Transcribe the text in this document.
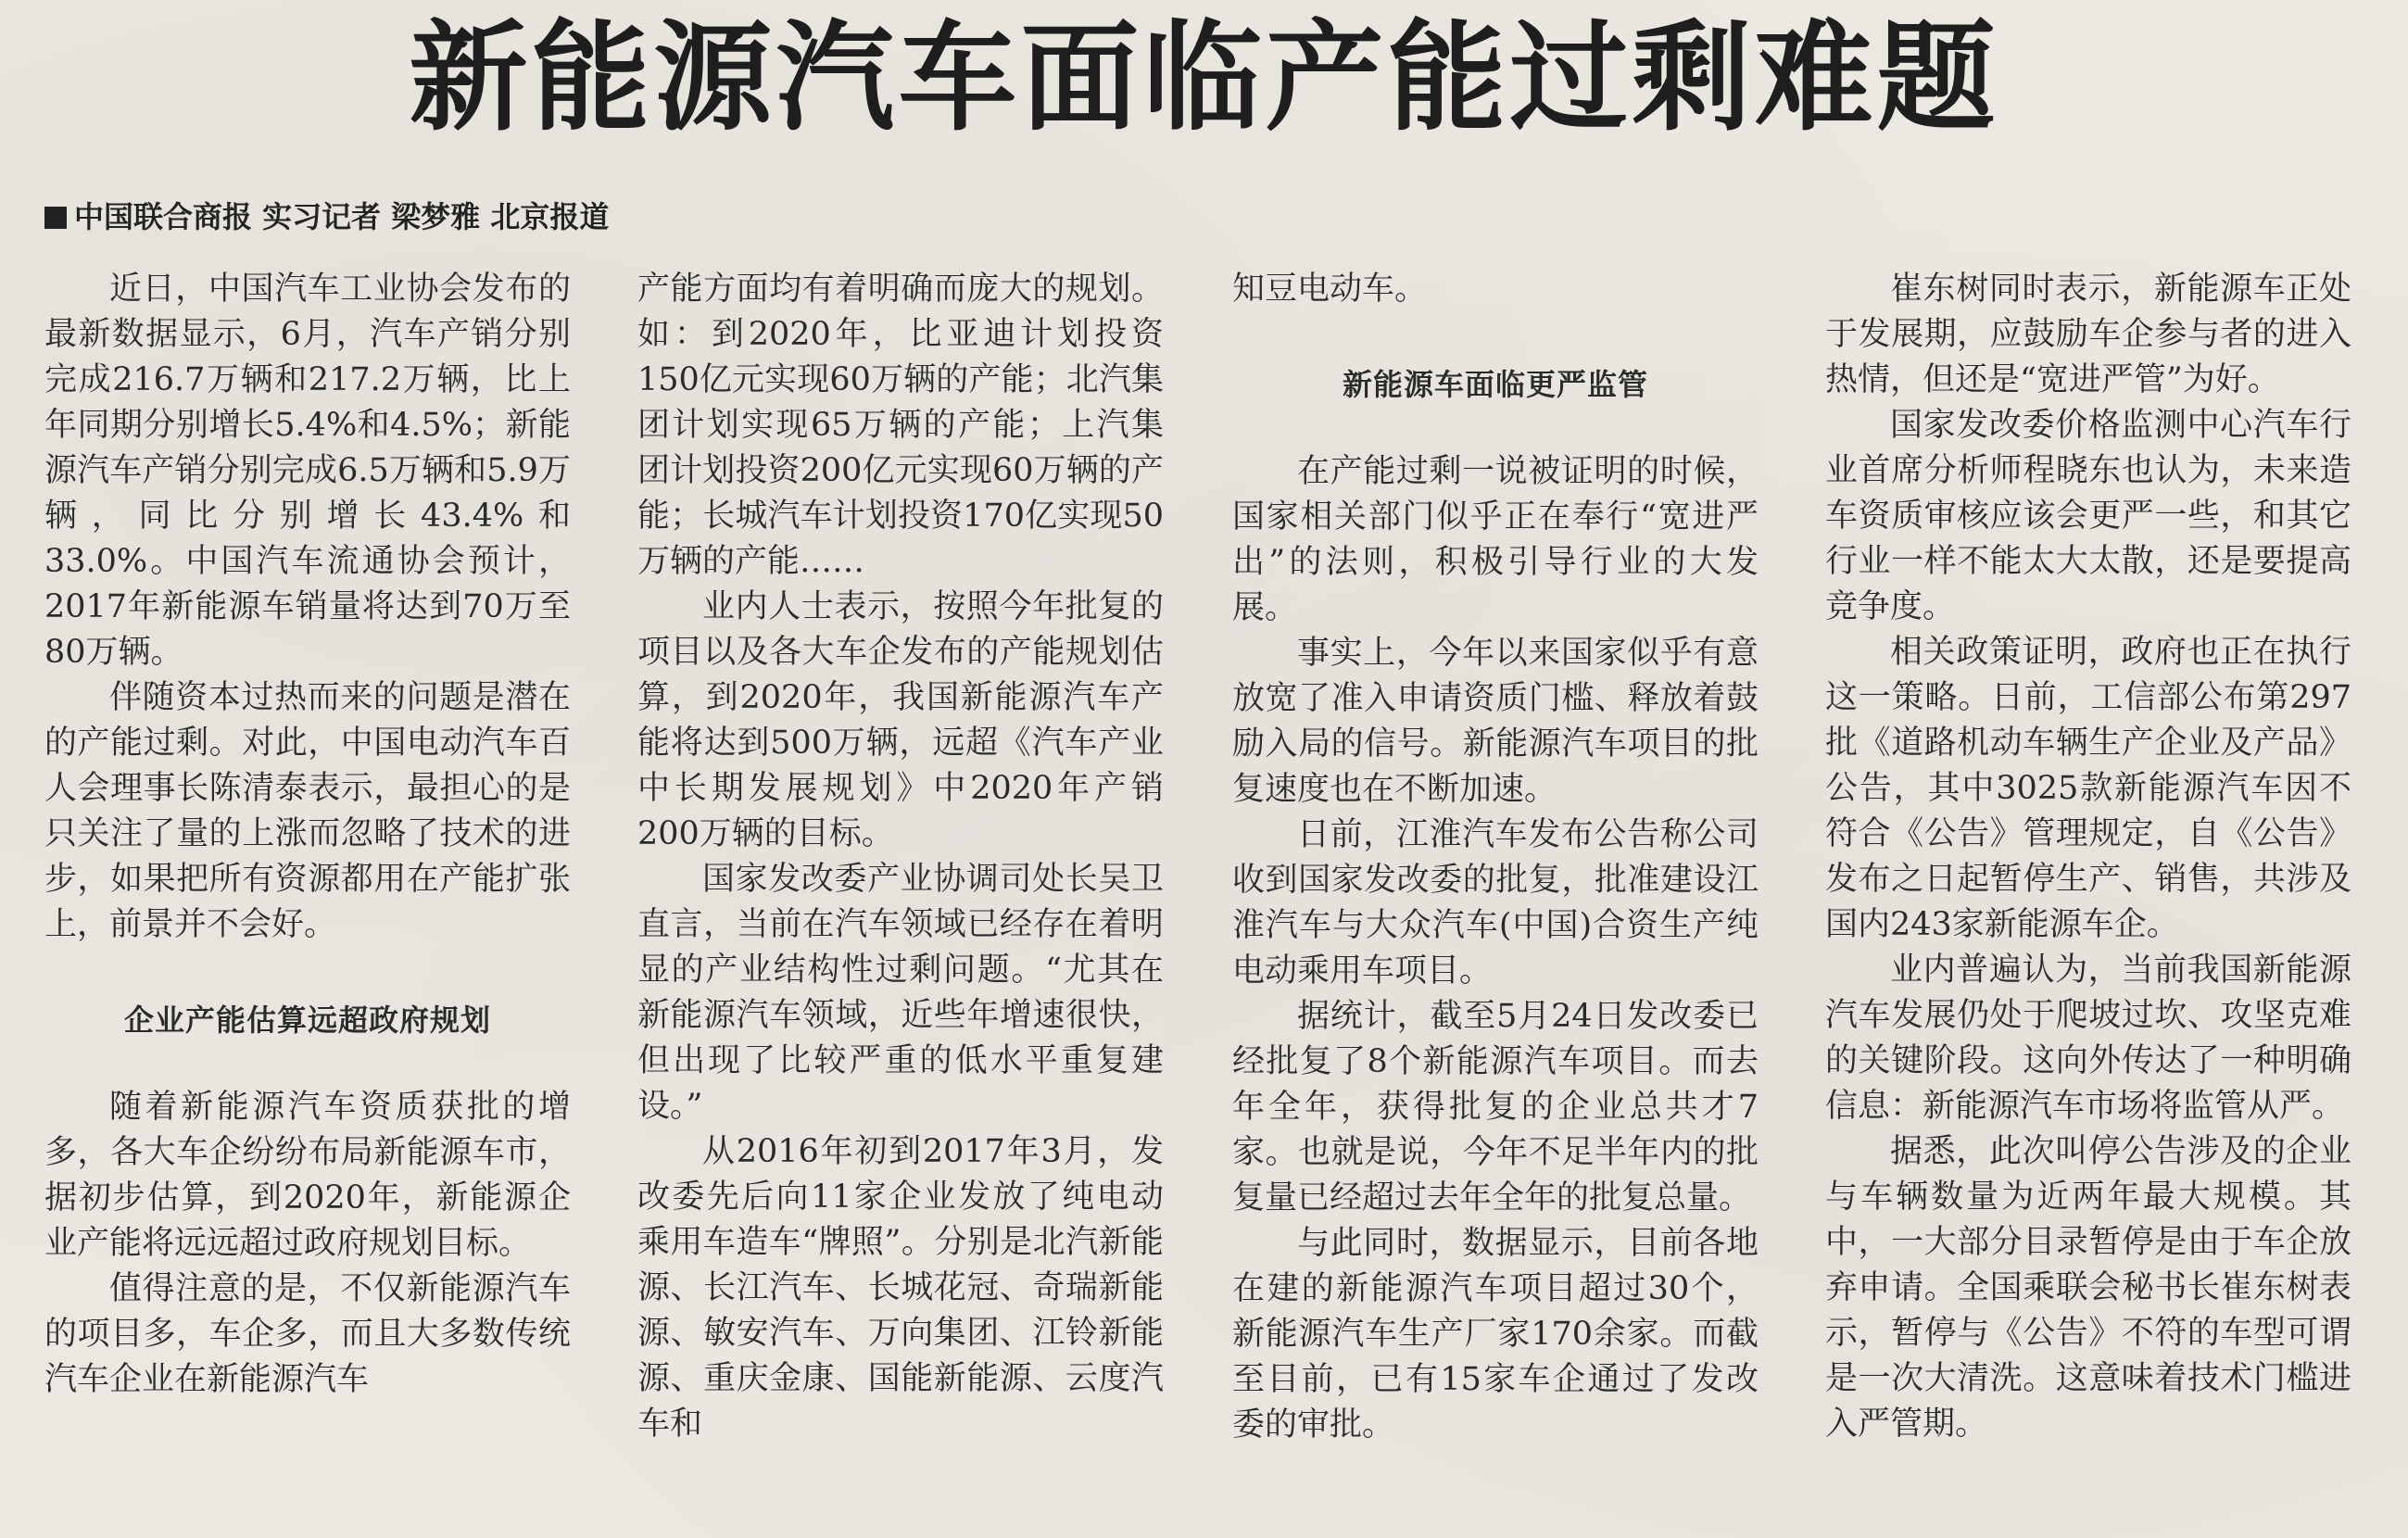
新能源汽车面临产能过剩难题
中国联合商报 实习记者 梁梦雅 北京报道

近日，中国汽车工业协会发布的最新数据显示，6月，汽车产销分别完成216.7万辆和217.2万辆，比上年同期分别增长5.4%和4.5%；新能源汽车产销分别完成6.5万辆和5.9万辆，同比分别增长43.4%和33.0%。中国汽车流通协会预计，2017年新能源车销量将达到70万至80万辆。

伴随资本过热而来的问题是潜在的产能过剩。对此，中国电动汽车百人会理事长陈清泰表示，最担心的是只关注了量的上涨而忽略了技术的进步，如果把所有资源都用在产能扩张上，前景并不会好。

企业产能估算远超政府规划

随着新能源汽车资质获批的增多，各大车企纷纷布局新能源车市，据初步估算，到2020年，新能源企业产能将远远超过政府规划目标。

值得注意的是，不仅新能源汽车的项目多，车企多，而且大多数传统汽车企业在新能源汽车

产能方面均有着明确而庞大的规划。如：到2020年，比亚迪计划投资150亿元实现60万辆的产能；北汽集团计划实现65万辆的产能；上汽集团计划投资200亿元实现60万辆的产能；长城汽车计划投资170亿实现50万辆的产能……

业内人士表示，按照今年批复的项目以及各大车企发布的产能规划估算，到2020年，我国新能源汽车产能将达到500万辆，远超《汽车产业中长期发展规划》中2020年产销200万辆的目标。

国家发改委产业协调司处长吴卫直言，当前在汽车领域已经存在着明显的产业结构性过剩问题。“尤其在新能源汽车领域，近些年增速很快，但出现了比较严重的低水平重复建设。”

从2016年初到2017年3月，发改委先后向11家企业发放了纯电动乘用车造车“牌照”。分别是北汽新能源、长江汽车、长城花冠、奇瑞新能源、敏安汽车、万向集团、江铃新能源、重庆金康、国能新能源、云度汽车和

知豆电动车。

新能源车面临更严监管

在产能过剩一说被证明的时候，国家相关部门似乎正在奉行“宽进严出”的法则，积极引导行业的大发展。

事实上，今年以来国家似乎有意放宽了准入申请资质门槛、释放着鼓励入局的信号。新能源汽车项目的批复速度也在不断加速。

日前，江淮汽车发布公告称公司收到国家发改委的批复，批准建设江淮汽车与大众汽车(中国)合资生产纯电动乘用车项目。

据统计，截至5月24日发改委已经批复了8个新能源汽车项目。而去年全年，获得批复的企业总共才7家。也就是说，今年不足半年内的批复量已经超过去年全年的批复总量。

与此同时，数据显示，目前各地在建的新能源汽车项目超过30个，新能源汽车生产厂家170余家。而截至目前，已有15家车企通过了发改委的审批。

崔东树同时表示，新能源车正处于发展期，应鼓励车企参与者的进入热情，但还是“宽进严管”为好。

国家发改委价格监测中心汽车行业首席分析师程晓东也认为，未来造车资质审核应该会更严一些，和其它行业一样不能太大太散，还是要提高竞争度。

相关政策证明，政府也正在执行这一策略。日前，工信部公布第297批《道路机动车辆生产企业及产品》公告，其中3025款新能源汽车因不符合《公告》管理规定，自《公告》发布之日起暂停生产、销售，共涉及国内243家新能源车企。

业内普遍认为，当前我国新能源汽车发展仍处于爬坡过坎、攻坚克难的关键阶段。这向外传达了一种明确信息：新能源汽车市场将监管从严。

据悉，此次叫停公告涉及的企业与车辆数量为近两年最大规模。其中，一大部分目录暂停是由于车企放弃申请。全国乘联会秘书长崔东树表示，暂停与《公告》不符的车型可谓是一次大清洗。这意味着技术门槛进入严管期。
